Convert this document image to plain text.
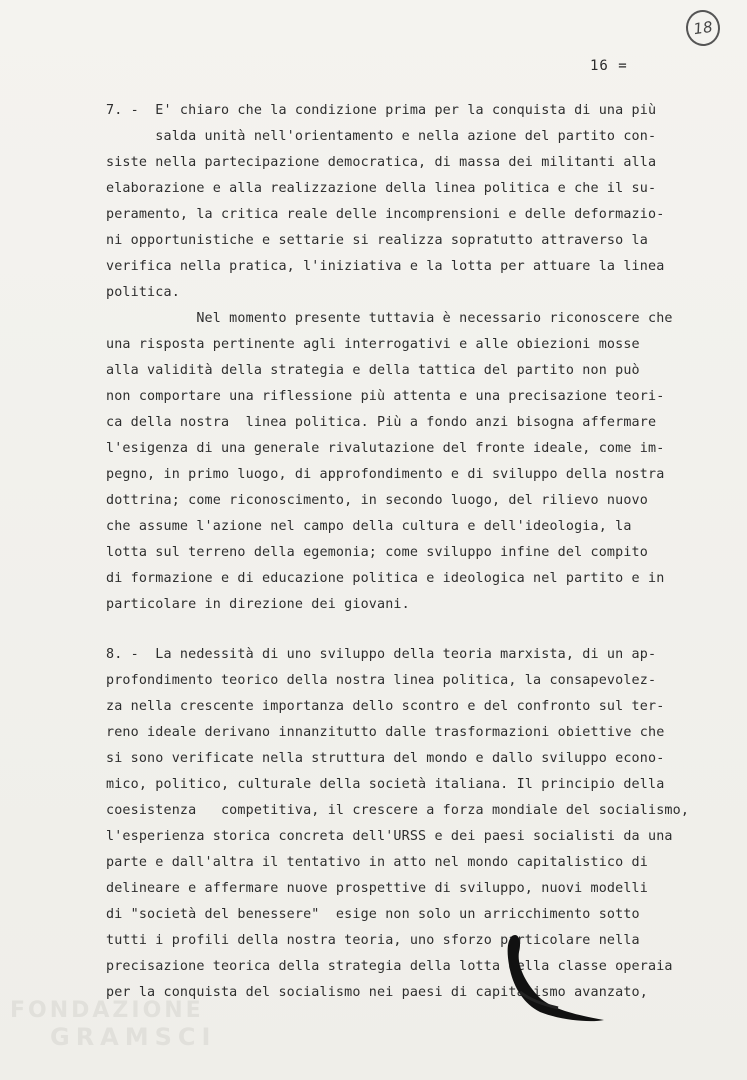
18
16 =
7. -  E' chiaro che la condizione prima per la conquista di una più
salda unità nell'orientamento e nella azione del partito con-
siste nella partecipazione democratica, di massa dei militanti alla
elaborazione e alla realizzazione della linea politica e che il su-
peramento, la critica reale delle incomprensioni e delle deformazio-
ni opportunistiche e settarie si realizza sopratutto attraverso la
verifica nella pratica, l'iniziativa e la lotta per attuare la linea
politica.
Nel momento presente tuttavia è necessario riconoscere che
una risposta pertinente agli interrogativi e alle obiezioni mosse
alla validità della strategia e della tattica del partito non può
non comportare una riflessione più attenta e una precisazione teori-
ca della nostra  linea politica. Più a fondo anzi bisogna affermare
l'esigenza di una generale rivalutazione del fronte ideale, come im-
pegno, in primo luogo, di approfondimento e di sviluppo della nostra
dottrina; come riconoscimento, in secondo luogo, del rilievo nuovo
che assume l'azione nel campo della cultura e dell'ideologia, la
lotta sul terreno della egemonia; come sviluppo infine del compito
di formazione e di educazione politica e ideologica nel partito e in
particolare in direzione dei giovani.
8. -  La nedessità di uno sviluppo della teoria marxista, di un ap-
profondimento teorico della nostra linea politica, la consapevolez-
za nella crescente importanza dello scontro e del confronto sul ter-
reno ideale derivano innanzitutto dalle trasformazioni obiettive che
si sono verificate nella struttura del mondo e dallo sviluppo econo-
mico, politico, culturale della società italiana. Il principio della
coesistenza   competitiva, il crescere a forza mondiale del socialismo,
l'esperienza storica concreta dell'URSS e dei paesi socialisti da una
parte e dall'altra il tentativo in atto nel mondo capitalistico di
delineare e affermare nuove prospettive di sviluppo, nuovi modelli
di "società del benessere"  esige non solo un arricchimento sotto
tutti i profili della nostra teoria, uno sforzo particolare nella
precisazione teorica della strategia della lotta della classe operaia
per la conquista del socialismo nei paesi di capitalismo avanzato,
FONDAZIONE
GRAMSCI
